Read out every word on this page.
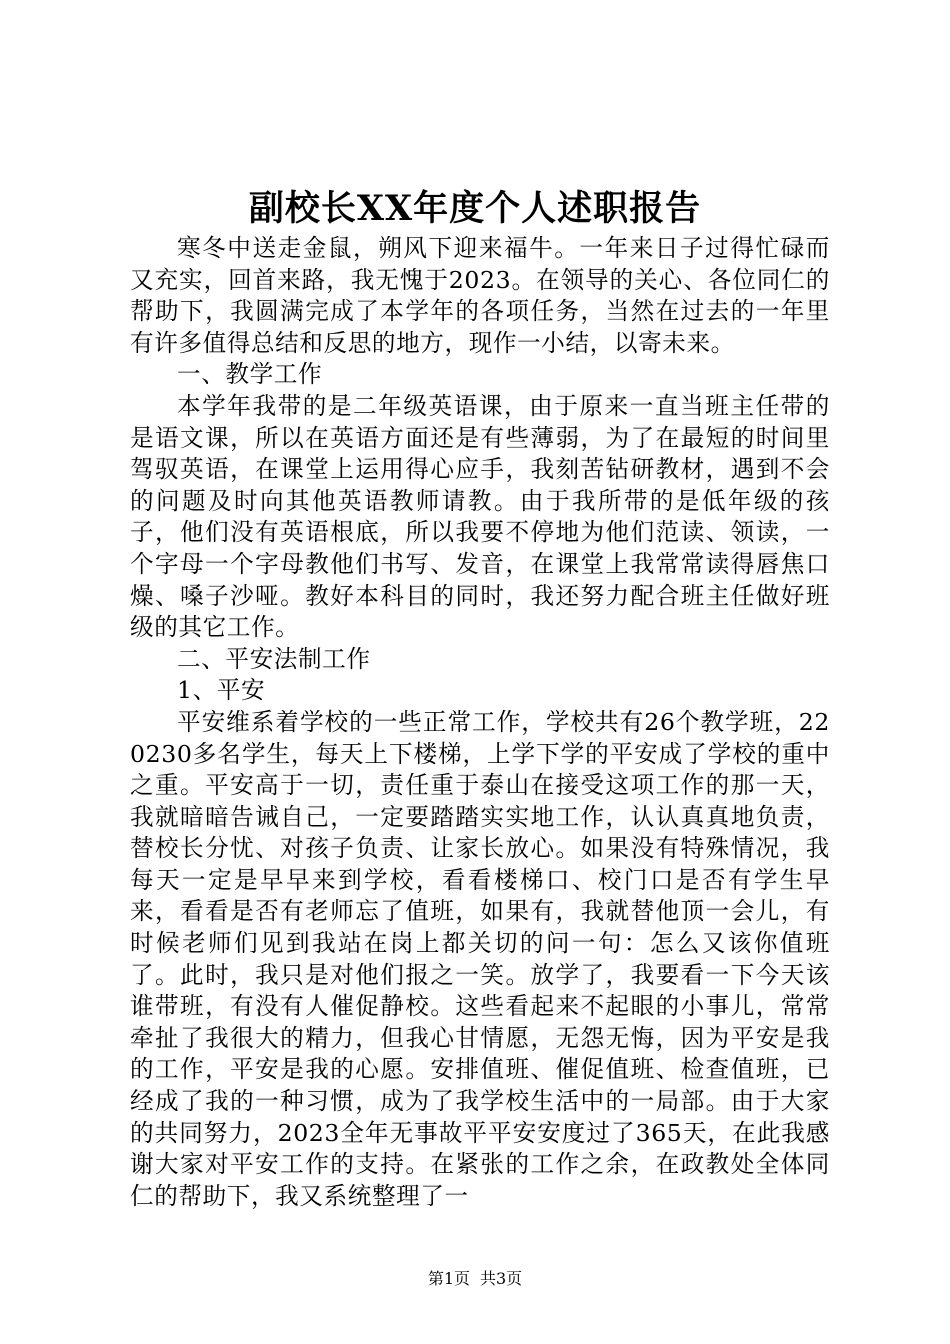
副校长XX年度个人述职报告

寒冬中送走金鼠，朔风下迎来福牛。一年来日子过得忙碌而又充实，回首来路，我无愧于2023。在领导的关心、各位同仁的帮助下，我圆满完成了本学年的各项任务，当然在过去的一年里有许多值得总结和反思的地方，现作一小结，以寄未来。

一、教学工作

本学年我带的是二年级英语课，由于原来一直当班主任带的是语文课，所以在英语方面还是有些薄弱，为了在最短的时间里驾驭英语，在课堂上运用得心应手，我刻苦钻研教材，遇到不会的问题及时向其他英语教师请教。由于我所带的是低年级的孩子，他们没有英语根底，所以我要不停地为他们范读、领读，一个字母一个字母教他们书写、发音，在课堂上我常常读得唇焦口燥、嗓子沙哑。教好本科目的同时，我还努力配合班主任做好班级的其它工作。

二、平安法制工作

1、平安

平安维系着学校的一些正常工作，学校共有26个教学班，220230多名学生，每天上下楼梯，上学下学的平安成了学校的重中之重。平安高于一切，责任重于泰山在接受这项工作的那一天，我就暗暗告诫自己，一定要踏踏实实地工作，认认真真地负责，替校长分忧、对孩子负责、让家长放心。如果没有特殊情况，我每天一定是早早来到学校，看看楼梯口、校门口是否有学生早来，看看是否有老师忘了值班，如果有，我就替他顶一会儿，有时候老师们见到我站在岗上都关切的问一句：怎么又该你值班了。此时，我只是对他们报之一笑。放学了，我要看一下今天该谁带班，有没有人催促静校。这些看起来不起眼的小事儿，常常牵扯了我很大的精力，但我心甘情愿，无怨无悔，因为平安是我的工作，平安是我的心愿。安排值班、催促值班、检查值班，已经成了我的一种习惯，成为了我学校生活中的一局部。由于大家的共同努力，2023全年无事故平平安安度过了365天，在此我感谢大家对平安工作的支持。在紧张的工作之余，在政教处全体同仁的帮助下，我又系统整理了一

第1页 共3页
